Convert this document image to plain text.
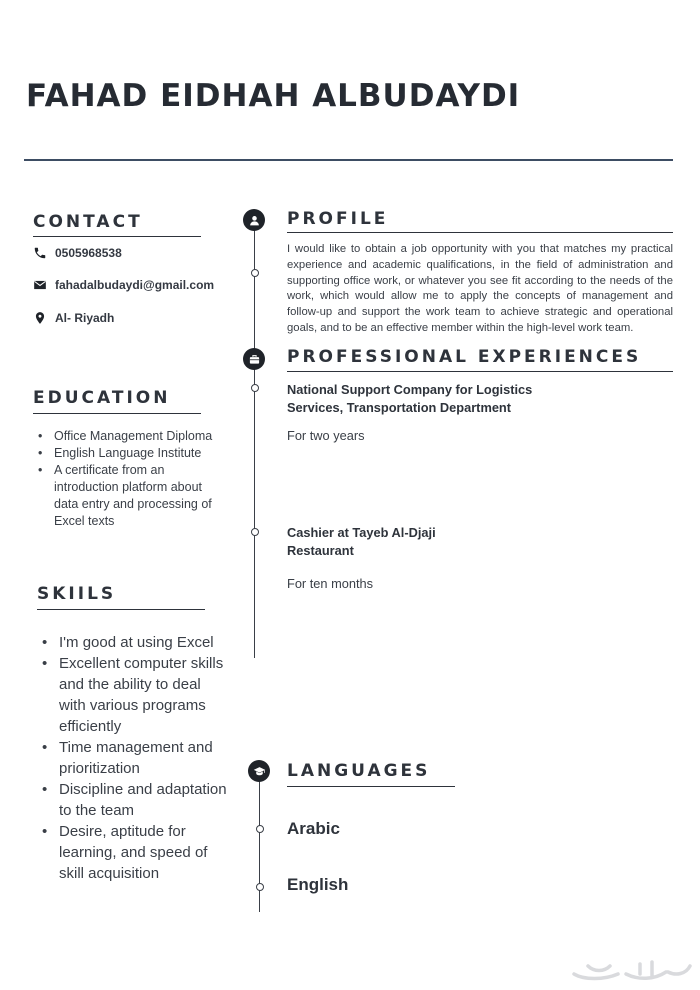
FAHAD EIDHAH ALBUDAYDI
CONTACT
0505968538
fahadalbudaydi@gmail.com
Al- Riyadh
EDUCATION
• Office Management Diploma
• English Language Institute
• A certificate from an introduction platform about data entry and processing of Excel texts
SKIILS
• I'm good at using Excel
• Excellent computer skills and the ability to deal with various programs efficiently
• Time management and prioritization
• Discipline and adaptation to the team
• Desire, aptitude for learning, and speed of skill acquisition
PROFILE
I would like to obtain a job opportunity with you that matches my practical experience and academic qualifications, in the field of administration and supporting office work, or whatever you see fit according to the needs of the work, which would allow me to apply the concepts of management and follow-up and support the work team to achieve strategic and operational goals, and to be an effective member within the high-level work team.
PROFESSIONAL EXPERIENCES
National Support Company for Logistics Services, Transportation Department
For two years
Cashier at Tayeb Al-Djaji Restaurant
For ten months
LANGUAGES
Arabic
English
